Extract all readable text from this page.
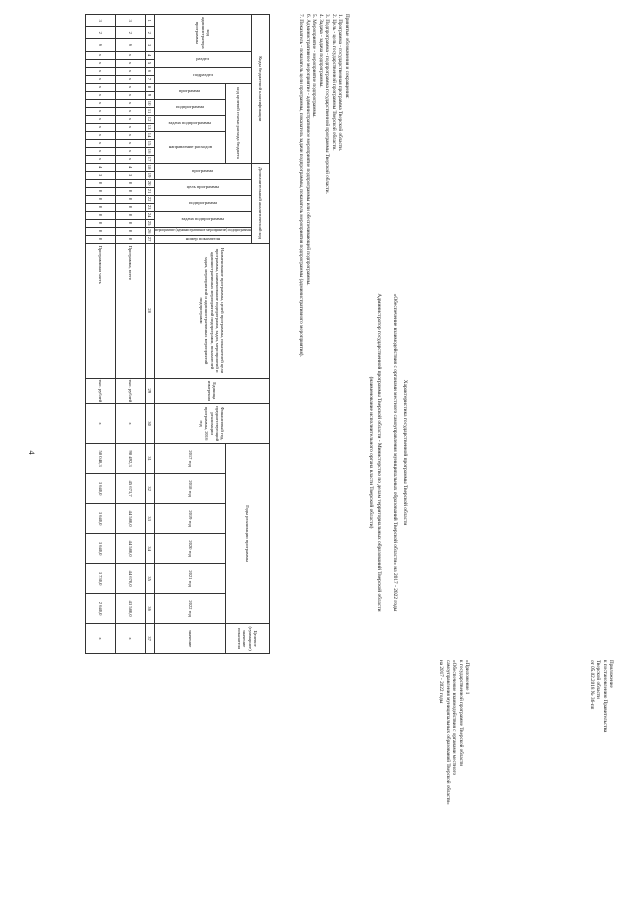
4
Приложение
к постановлению Правительства
Тверской области
от 05.02.2018 № 36-пп
«Приложение 1
к государственной программе Тверской области
«Обеспечение взаимодействия с органами местного
самоуправления муниципальных образований Тверской области»
на 2017 - 2022 годы
Характеристика государственной программы Тверской области
«Обеспечение взаимодействия с органами местного самоуправления муниципальных образований Тверской области» на 2017 - 2022 годы
Администратор государственной программы Тверской области - Министерство по делам территориальных образований Тверской области
(наименование исполнительного органа власти Тверской области)
Принятые обозначения и сокращения:
1. Программа - государственная программа Тверской области.
2. Цель - цель государственной программы Тверской области.
3. Подпрограмма - подпрограмма государственной программы Тверской области.
4. Задача - задача подпрограммы.
5. Мероприятие - мероприятие подпрограммы.
6. Административное мероприятие - административное мероприятие подпрограммы или обеспечивающей подпрограммы.
7. Показатель - показатель цели программы, показатель задачи подпрограммы, показатель мероприятия подпрограммы (административного мероприятия).
Коды бюджетной классификации																	Дополнительный аналитический код										Наименование программы, целей программы, показателей цели программы, наименование подпрограмм, задач, мероприятий и административных мероприятий подпрограмм, показателей задач, мероприятий и административных мероприятий подпрограмм	Единица измерения	Финансовый год, предшествующий реализации программы, 2016 год	Годы реализации программы						Целевое (суммарное) значение показателя

код администратора программы			раздел		подраздел		код целевой статьи расхода бюджета										программа		цель программы		подпрограмма		задача подпрограммы		мероприятие (административное мероприятие) подпрограммы	номер показателя										

							программа		подпрограмма		задача подпрограммы		направление расходов																	2017 год	2018 год	2019 год	2020 год	2021 год	2022 год	значение
1	2	3	4	5	6	7	8	9	10	11	12	13	14	15	16	17	18	19	20	21	22	23	24	25	26	27	28	29	30	31	32	33	34	35	36	37
3	2	6	х	х	х	х	х	х	х	х	х	х	х	х	х	х	4	3	0	0	0	0	0	0	0	0	Программа, всего	тыс. рублей	х	98 492,3	45 673,7	44 580,0	44 580,0	44 670,0	43 580,0	х
3	2	6	х	х	х	х	х	х	х	х	х	х	х	х	х	х	4	3	0	0	0	0	0	0	0	0	Программная часть	тыс. рублей	х	58 048,3	3 640,0	3 640,0	3 640,0	3 730,0	2 640,0	х
